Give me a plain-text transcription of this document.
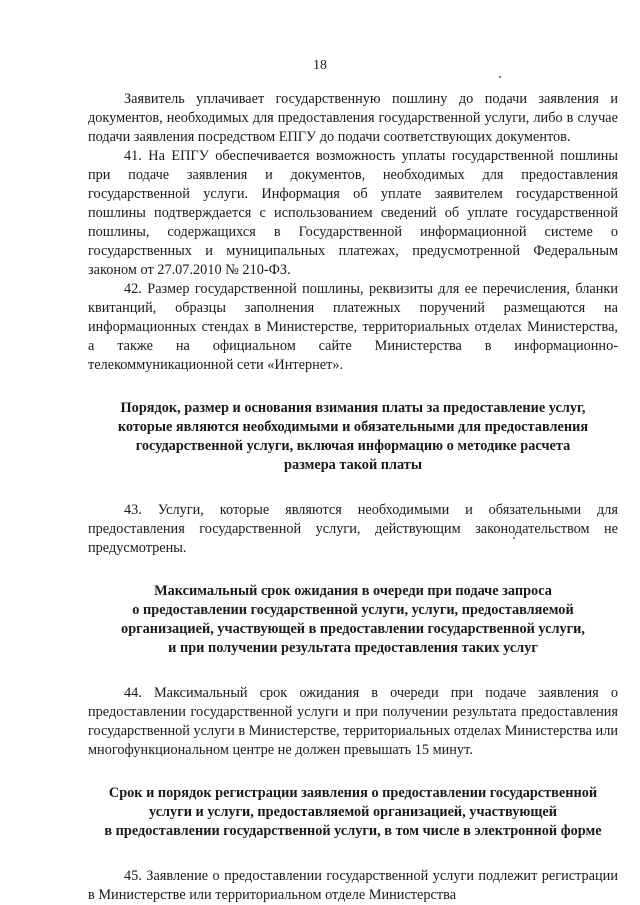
18

Заявитель уплачивает государственную пошлину до подачи заявления и документов, необходимых для предоставления государственной услуги, либо в случае подачи заявления посредством ЕПГУ до подачи соответствующих документов.

41. На ЕПГУ обеспечивается возможность уплаты государственной пошлины при подаче заявления и документов, необходимых для предоставления государственной услуги. Информация об уплате заявителем государственной пошлины подтверждается с использованием сведений об уплате государственной пошлины, содержащихся в Государственной информационной системе о государственных и муниципальных платежах, предусмотренной Федеральным законом от 27.07.2010 № 210-ФЗ.

42. Размер государственной пошлины, реквизиты для ее перечисления, бланки квитанций, образцы заполнения платежных поручений размещаются на информационных стендах в Министерстве, территориальных отделах Министерства, а также на официальном сайте Министерства в информационно-телекоммуникационной сети «Интернет».

Порядок, размер и основания взимания платы за предоставление услуг,
которые являются необходимыми и обязательными для предоставления
государственной услуги, включая информацию о методике расчета
размера такой платы

43. Услуги, которые являются необходимыми и обязательными для предоставления государственной услуги, действующим законодательством не предусмотрены.

Максимальный срок ожидания в очереди при подаче запроса
о предоставлении государственной услуги, услуги, предоставляемой
организацией, участвующей в предоставлении государственной услуги,
и при получении результата предоставления таких услуг

44. Максимальный срок ожидания в очереди при подаче заявления о предоставлении государственной услуги и при получении результата предоставления государственной услуги в Министерстве, территориальных отделах Министерства или многофункциональном центре не должен превышать 15 минут.

Срок и порядок регистрации заявления о предоставлении государственной
услуги и услуги, предоставляемой организацией, участвующей
в предоставлении государственной услуги, в том числе в электронной форме

45. Заявление о предоставлении государственной услуги подлежит регистрации в Министерстве или территориальном отделе Министерства
